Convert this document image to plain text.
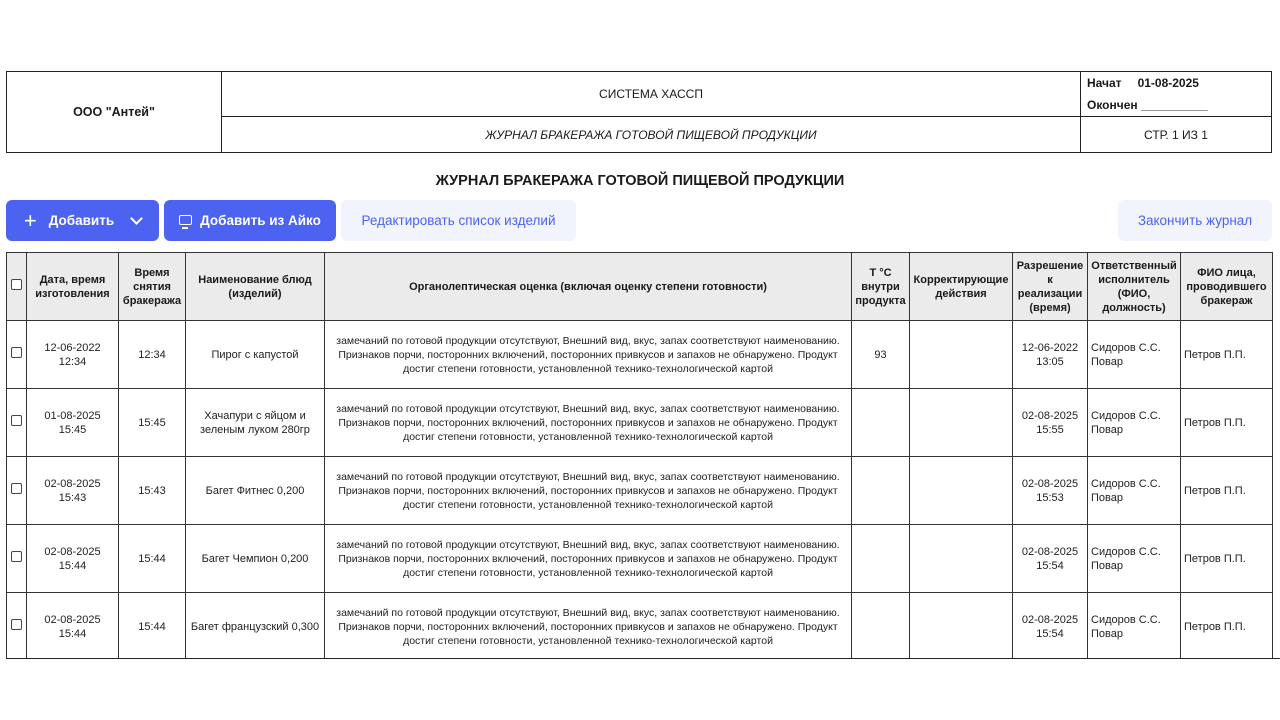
ООО "Антей"
СИСТЕМА ХАССП
Начат 01-08-2025
Окончен __________
ЖУРНАЛ БРАКЕРАЖА ГОТОВОЙ ПИЩЕВОЙ ПРОДУКЦИИ	СТР. 1 ИЗ 1
ЖУРНАЛ БРАКЕРАЖА ГОТОВОЙ ПИЩЕВОЙ ПРОДУКЦИИ
+ Добавить	Добавить из Айко	Редактировать список изделий	Закончить журнал
	Дата, время изготовления	Время снятия бракеража	Наименование блюд (изделий)	Органолептическая оценка (включая оценку степени готовности)	T °C внутри продукта	Корректирующие действия	Разрешение к реализации (время)	Ответственный исполнитель (ФИО, должность)	ФИО лица, проводившего бракераж
	12-06-2022 12:34	12:34	Пирог с капустой	замечаний по готовой продукции отсутствуют, Внешний вид, вкус, запах соответствуют наименованию. Признаков порчи, посторонних включений, посторонних привкусов и запахов не обнаружено. Продукт достиг степени готовности, установленной технико-технологической картой	93		12-06-2022 13:05	Сидоров С.С. Повар	Петров П.П.
	01-08-2025 15:45	15:45	Хачапури с яйцом и зеленым луком 280гр	замечаний по готовой продукции отсутствуют, Внешний вид, вкус, запах соответствуют наименованию. Признаков порчи, посторонних включений, посторонних привкусов и запахов не обнаружено. Продукт достиг степени готовности, установленной технико-технологической картой			02-08-2025 15:55	Сидоров С.С. Повар	Петров П.П.
	02-08-2025 15:43	15:43	Багет Фитнес 0,200	замечаний по готовой продукции отсутствуют, Внешний вид, вкус, запах соответствуют наименованию. Признаков порчи, посторонних включений, посторонних привкусов и запахов не обнаружено. Продукт достиг степени готовности, установленной технико-технологической картой			02-08-2025 15:53	Сидоров С.С. Повар	Петров П.П.
	02-08-2025 15:44	15:44	Багет Чемпион 0,200	замечаний по готовой продукции отсутствуют, Внешний вид, вкус, запах соответствуют наименованию. Признаков порчи, посторонних включений, посторонних привкусов и запахов не обнаружено. Продукт достиг степени готовности, установленной технико-технологической картой			02-08-2025 15:54	Сидоров С.С. Повар	Петров П.П.
	02-08-2025 15:44	15:44	Багет французский 0,300	замечаний по готовой продукции отсутствуют, Внешний вид, вкус, запах соответствуют наименованию. Признаков порчи, посторонних включений, посторонних привкусов и запахов не обнаружено. Продукт достиг степени готовности, установленной технико-технологической картой			02-08-2025 15:54	Сидоров С.С. Повар	Петров П.П.
